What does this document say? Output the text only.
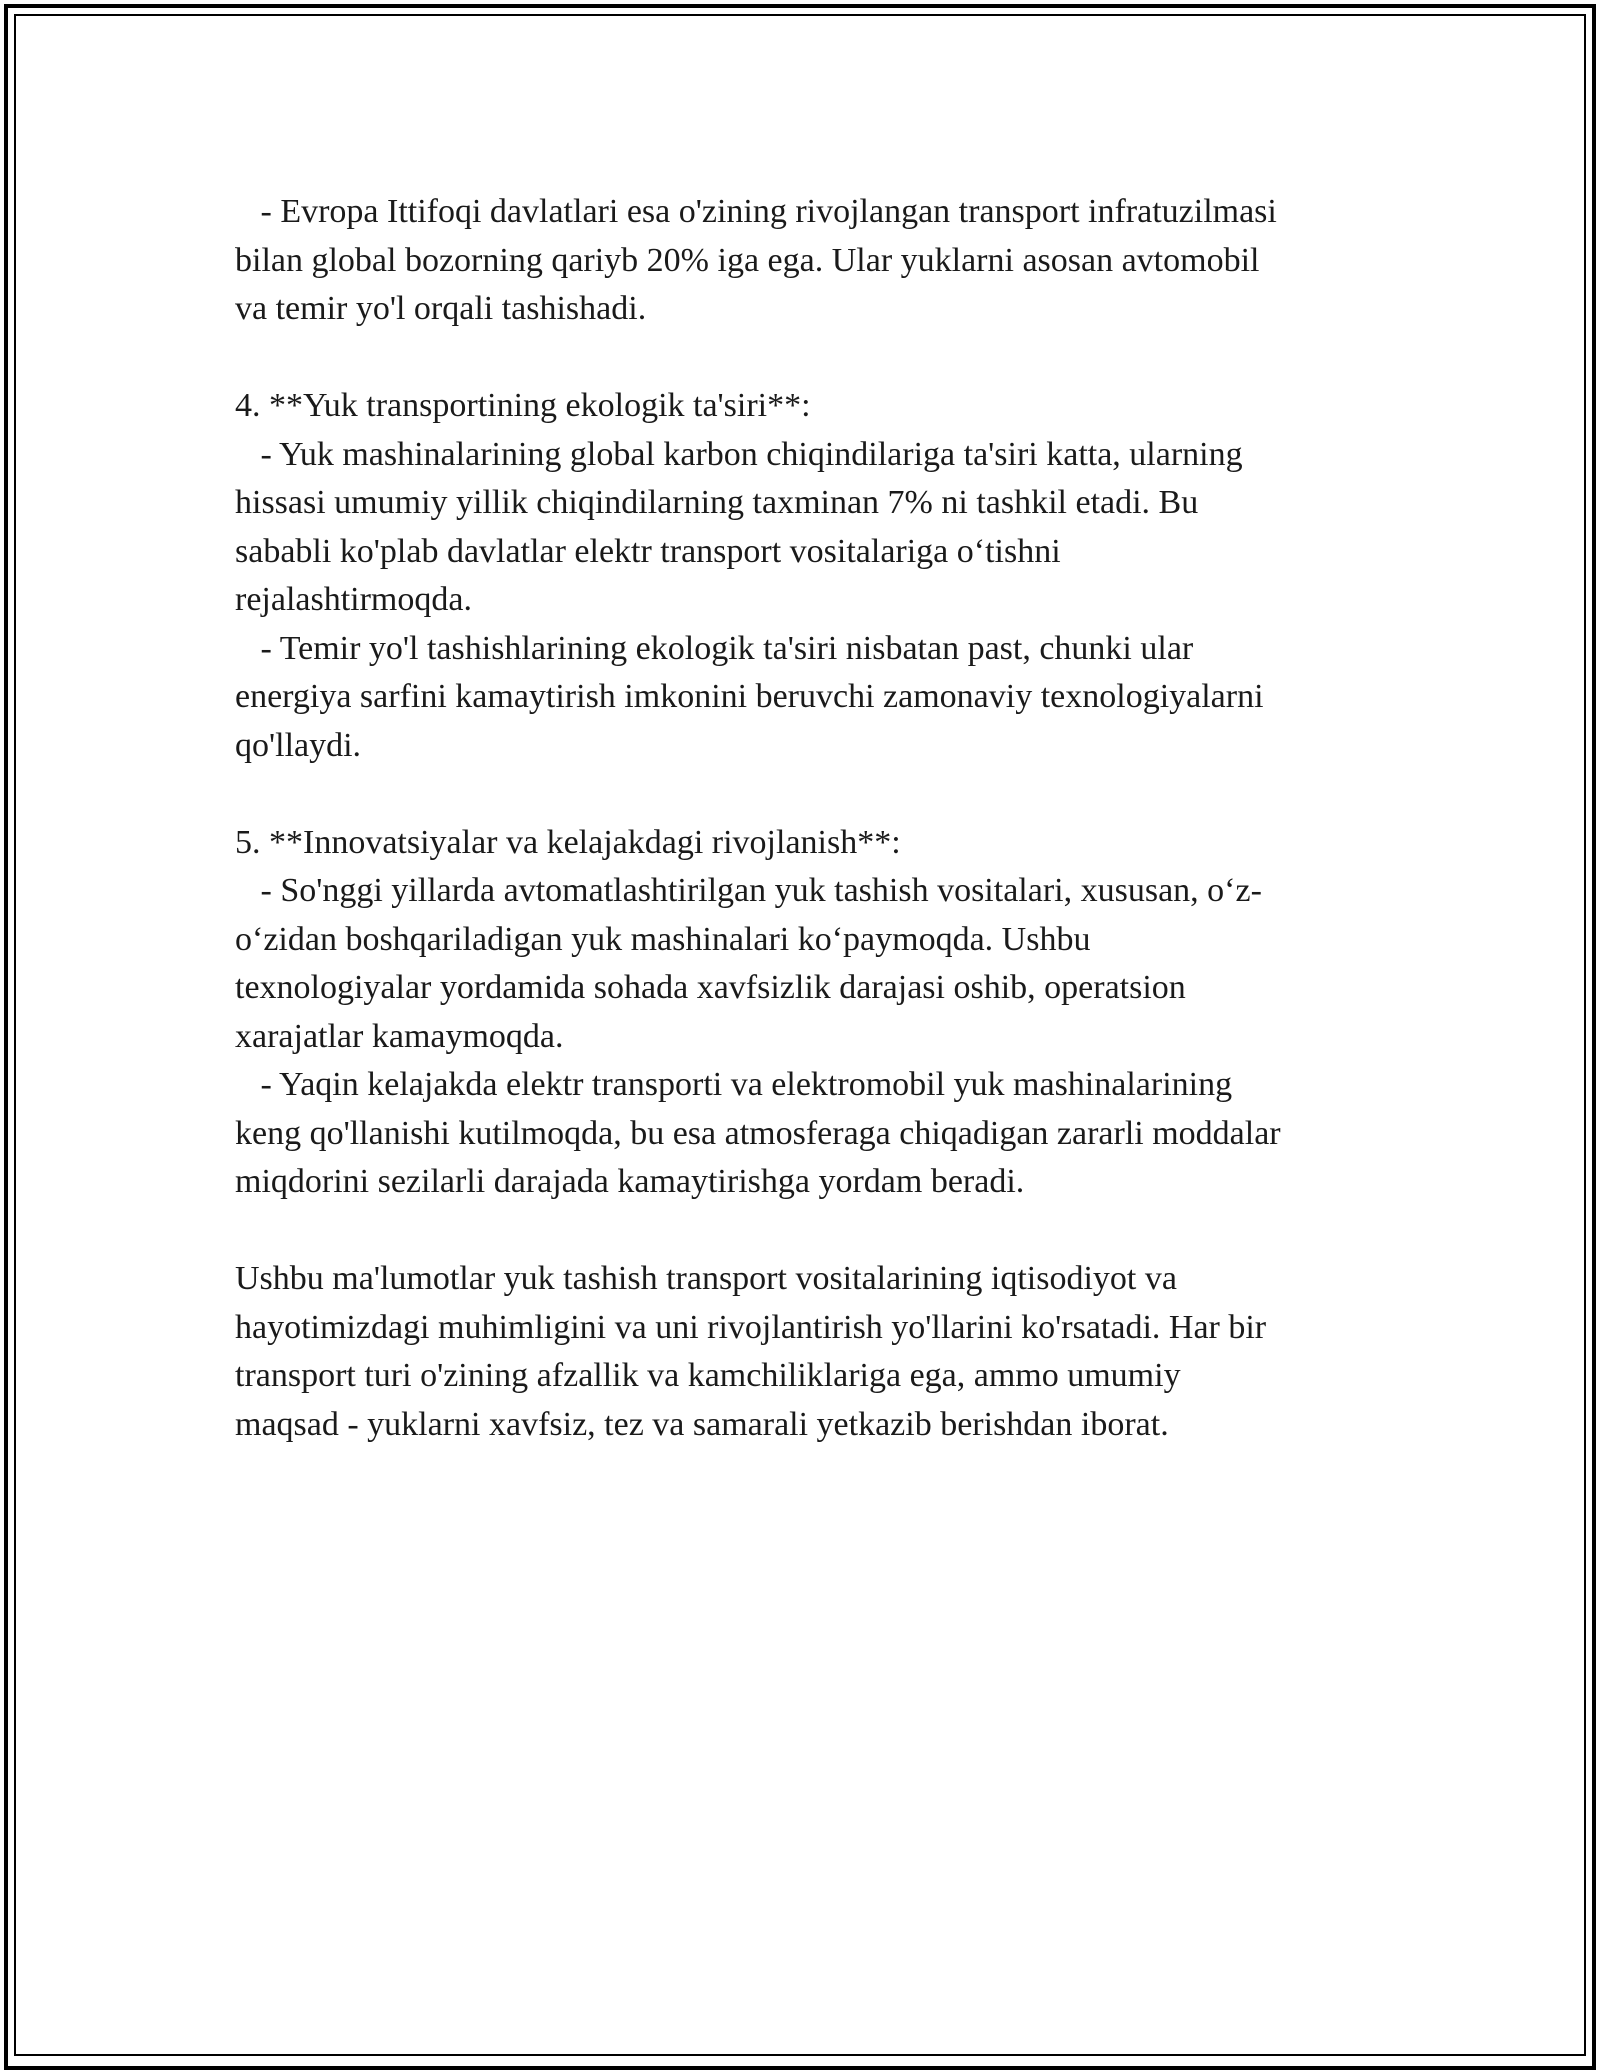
- Evropa Ittifoqi davlatlari esa o'zining rivojlangan transport infratuzilmasi
bilan global bozorning qariyb 20% iga ega. Ular yuklarni asosan avtomobil
va temir yo'l orqali tashishadi.
4. **Yuk transportining ekologik ta'siri**:
- Yuk mashinalarining global karbon chiqindilariga ta'siri katta, ularning
hissasi umumiy yillik chiqindilarning taxminan 7% ni tashkil etadi. Bu
sababli ko'plab davlatlar elektr transport vositalariga o‘tishni
rejalashtirmoqda.
- Temir yo'l tashishlarining ekologik ta'siri nisbatan past, chunki ular
energiya sarfini kamaytirish imkonini beruvchi zamonaviy texnologiyalarni
qo'llaydi.
5. **Innovatsiyalar va kelajakdagi rivojlanish**:
- So'nggi yillarda avtomatlashtirilgan yuk tashish vositalari, xususan, o‘z-
o‘zidan boshqariladigan yuk mashinalari ko‘paymoqda. Ushbu
texnologiyalar yordamida sohada xavfsizlik darajasi oshib, operatsion
xarajatlar kamaymoqda.
- Yaqin kelajakda elektr transporti va elektromobil yuk mashinalarining
keng qo'llanishi kutilmoqda, bu esa atmosferaga chiqadigan zararli moddalar
miqdorini sezilarli darajada kamaytirishga yordam beradi.
Ushbu ma'lumotlar yuk tashish transport vositalarining iqtisodiyot va
hayotimizdagi muhimligini va uni rivojlantirish yo'llarini ko'rsatadi. Har bir
transport turi o'zining afzallik va kamchiliklariga ega, ammo umumiy
maqsad - yuklarni xavfsiz, tez va samarali yetkazib berishdan iborat.
